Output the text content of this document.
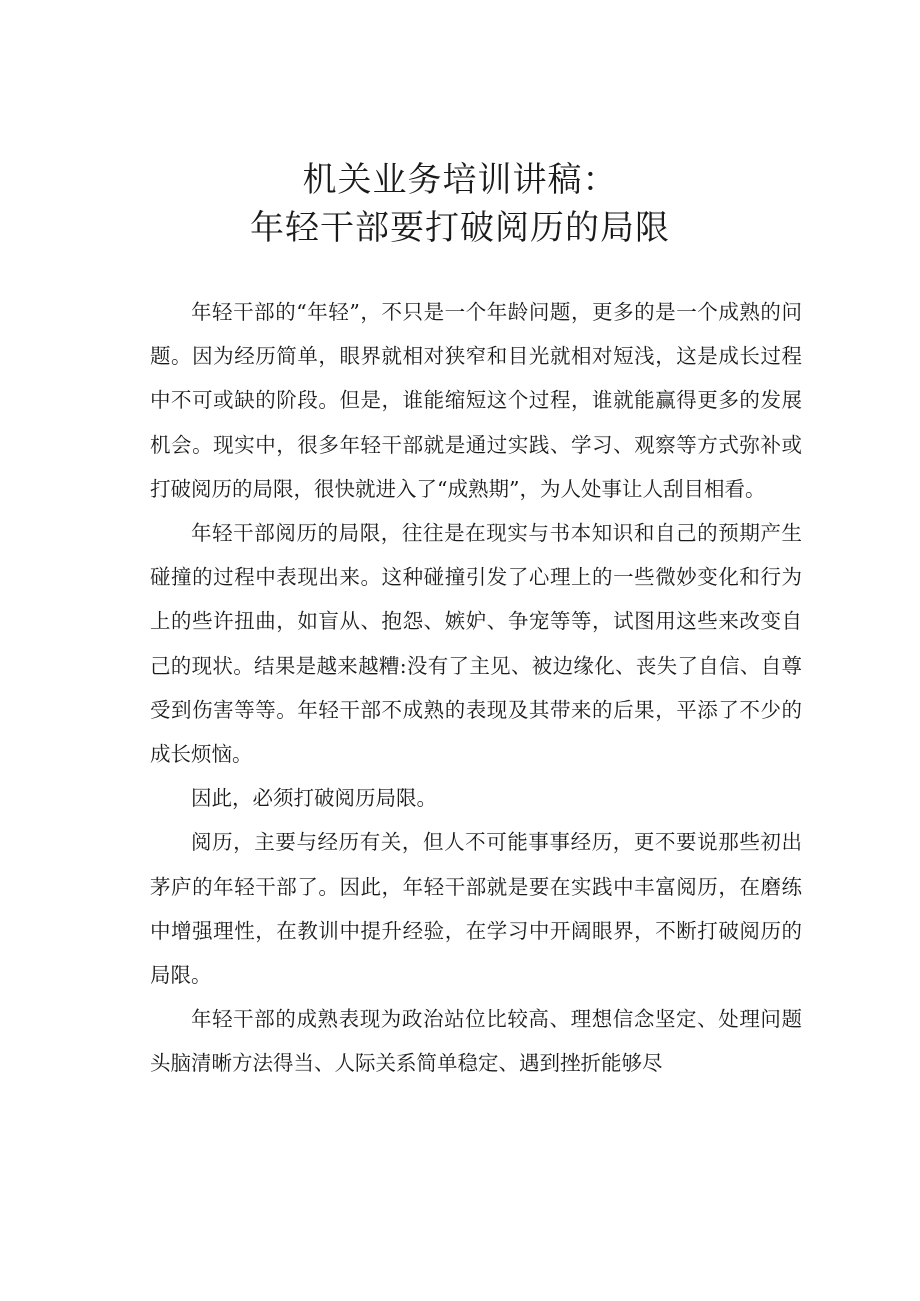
机关业务培训讲稿：
年轻干部要打破阅历的局限

年轻干部的“年轻”，不只是一个年龄问题，更多的是一个成熟的问题。因为经历简单，眼界就相对狭窄和目光就相对短浅，这是成长过程中不可或缺的阶段。但是，谁能缩短这个过程，谁就能赢得更多的发展机会。现实中，很多年轻干部就是通过实践、学习、观察等方式弥补或打破阅历的局限，很快就进入了“成熟期”，为人处事让人刮目相看。

年轻干部阅历的局限，往往是在现实与书本知识和自己的预期产生碰撞的过程中表现出来。这种碰撞引发了心理上的一些微妙变化和行为上的些许扭曲，如盲从、抱怨、嫉妒、争宠等等，试图用这些来改变自己的现状。结果是越来越糟:没有了主见、被边缘化、丧失了自信、自尊受到伤害等等。年轻干部不成熟的表现及其带来的后果，平添了不少的成长烦恼。

因此，必须打破阅历局限。

阅历，主要与经历有关，但人不可能事事经历，更不要说那些初出茅庐的年轻干部了。因此，年轻干部就是要在实践中丰富阅历，在磨练中增强理性，在教训中提升经验，在学习中开阔眼界，不断打破阅历的局限。

年轻干部的成熟表现为政治站位比较高、理想信念坚定、处理问题头脑清晰方法得当、人际关系简单稳定、遇到挫折能够尽
